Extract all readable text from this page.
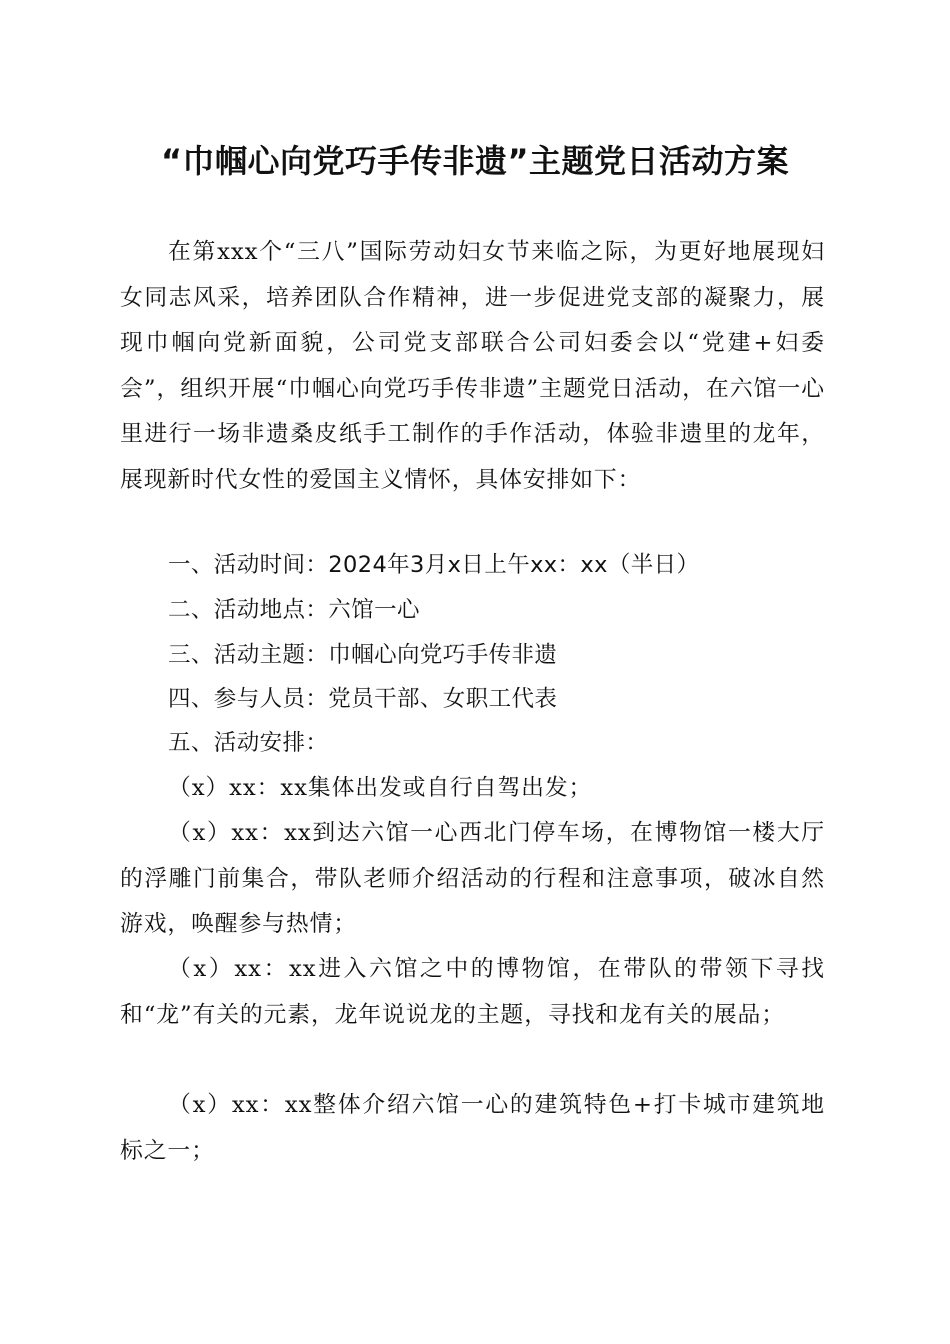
“巾帼心向党巧手传非遗”主题党日活动方案
在第xxx个“三八”国际劳动妇女节来临之际，为更好地展现妇女同志风采，培养团队合作精神，进一步促进党支部的凝聚力，展现巾帼向党新面貌，公司党支部联合公司妇委会以“党建+妇委会”，组织开展“巾帼心向党巧手传非遗”主题党日活动，在六馆一心里进行一场非遗桑皮纸手工制作的手作活动，体验非遗里的龙年，展现新时代女性的爱国主义情怀，具体安排如下：
一、活动时间：2024年3月x日上午xx：xx（半日）
二、活动地点：六馆一心
三、活动主题：巾帼心向党巧手传非遗
四、参与人员：党员干部、女职工代表
五、活动安排：
（x）xx：xx集体出发或自行自驾出发；
（x）xx：xx到达六馆一心西北门停车场，在博物馆一楼大厅的浮雕门前集合，带队老师介绍活动的行程和注意事项，破冰自然游戏，唤醒参与热情；
（x）xx：xx进入六馆之中的博物馆，在带队的带领下寻找和“龙”有关的元素，龙年说说龙的主题，寻找和龙有关的展品；
（x）xx：xx整体介绍六馆一心的建筑特色+打卡城市建筑地标之一；
